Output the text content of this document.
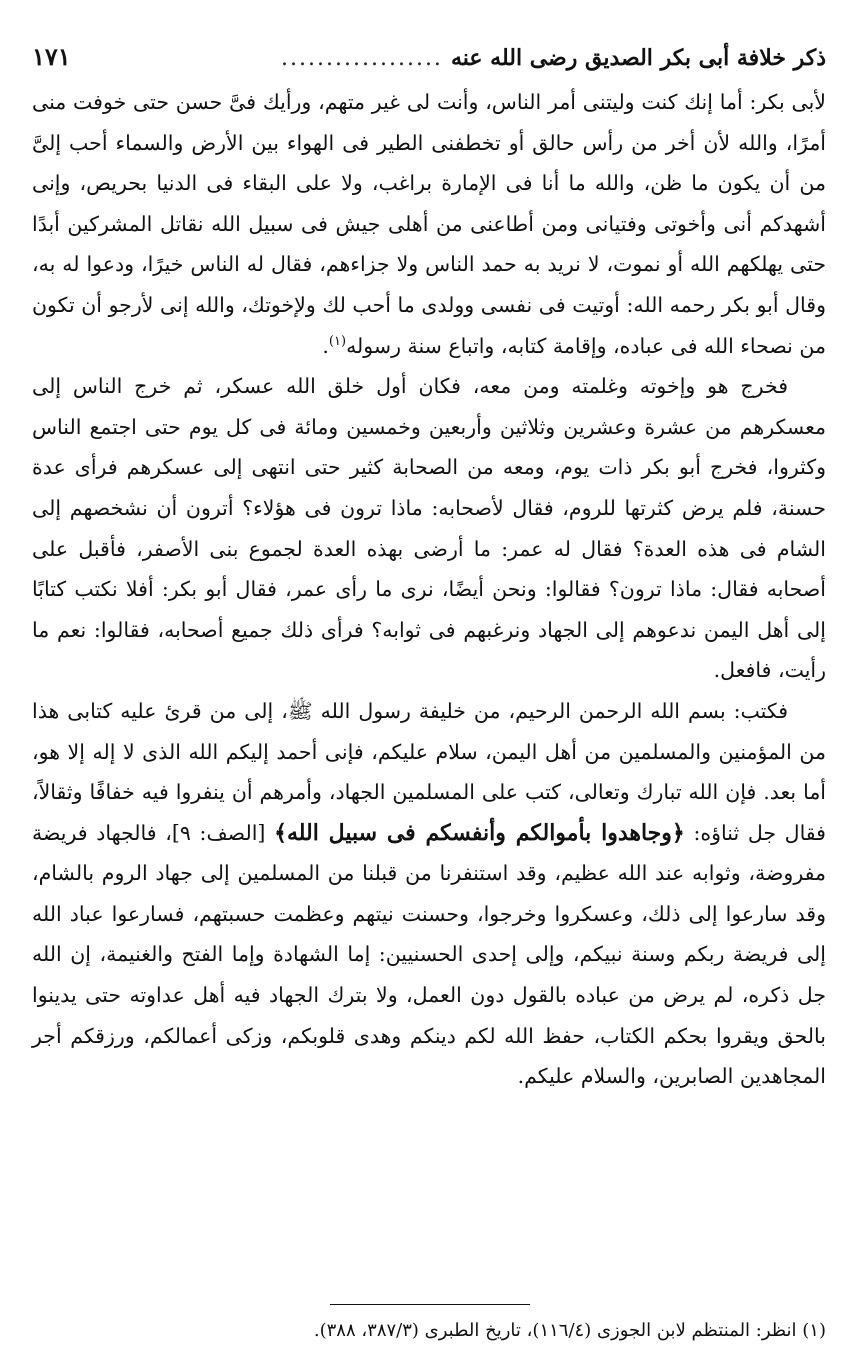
ذكر خلافة أبى بكر الصديق رضى الله عنه
..................
١٧١

لأبى بكر: أما إنك كنت وليتنى أمر الناس، وأنت لى غير متهم، ورأيك فىَّ حسن حتى خوفت منى أمرًا، والله لأن أخر من رأس حالق أو تخطفنى الطير فى الهواء بين الأرض والسماء أحب إلىَّ من أن يكون ما ظن، والله ما أنا فى الإمارة براغب، ولا على البقاء فى الدنيا بحريص، وإنى أشهدكم أنى وأخوتى وفتيانى ومن أطاعنى من أهلى جيش فى سبيل الله نقاتل المشركين أبدًا حتى يهلكهم الله أو نموت، لا نريد به حمد الناس ولا جزاءهم، فقال له الناس خيرًا، ودعوا له به، وقال أبو بكر رحمه الله: أوتيت فى نفسى وولدى ما أحب لك ولإخوتك، والله إنى لأرجو أن تكون من نصحاء الله فى عباده، وإقامة كتابه، واتباع سنة رسوله$^{(١)}$.

فخرج هو وإخوته وغلمته ومن معه، فكان أول خلق الله عسكر، ثم خرج الناس إلى معسكرهم من عشرة وعشرين وثلاثين وأربعين وخمسين ومائة فى كل يوم حتى اجتمع الناس وكثروا، فخرج أبو بكر ذات يوم، ومعه من الصحابة كثير حتى انتهى إلى عسكرهم فرأى عدة حسنة، فلم يرض كثرتها للروم، فقال لأصحابه: ماذا ترون فى هؤلاء؟ أترون أن نشخصهم إلى الشام فى هذه العدة؟ فقال له عمر: ما أرضى بهذه العدة لجموع بنى الأصفر، فأقبل على أصحابه فقال: ماذا ترون؟ فقالوا: ونحن أيضًا، نرى ما رأى عمر، فقال أبو بكر: أفلا نكتب كتابًا إلى أهل اليمن ندعوهم إلى الجهاد ونرغبهم فى ثوابه؟ فرأى ذلك جميع أصحابه، فقالوا: نعم ما رأيت، فافعل.

فكتب: بسم الله الرحمن الرحيم، من خليفة رسول الله ﷺ، إلى من قرئ عليه كتابى هذا من المؤمنين والمسلمين من أهل اليمن، سلام عليكم، فإنى أحمد إليكم الله الذى لا إله إلا هو، أما بعد. فإن الله تبارك وتعالى، كتب على المسلمين الجهاد، وأمرهم أن ينفروا فيه خفافًا وثقالاً، فقال جل ثناؤه: ﴿وجاهدوا بأموالكم وأنفسكم فى سبيل الله﴾ [الصف: ٩]، فالجهاد فريضة مفروضة، وثوابه عند الله عظيم، وقد استنفرنا من قبلنا من المسلمين إلى جهاد الروم بالشام، وقد سارعوا إلى ذلك، وعسكروا وخرجوا، وحسنت نيتهم وعظمت حسبتهم، فسارعوا عباد الله إلى فريضة ربكم وسنة نبيكم، وإلى إحدى الحسنيين: إما الشهادة وإما الفتح والغنيمة، إن الله جل ذكره، لم يرض من عباده بالقول دون العمل، ولا بترك الجهاد فيه أهل عداوته حتى يدينوا بالحق ويقروا بحكم الكتاب، حفظ الله لكم دينكم وهدى قلوبكم، وزكى أعمالكم، ورزقكم أجر المجاهدين الصابرين، والسلام عليكم.

(١) انظر: المنتظم لابن الجوزى (١١٦/٤)، تاريخ الطبرى (٣٨٧/٣، ٣٨٨).
